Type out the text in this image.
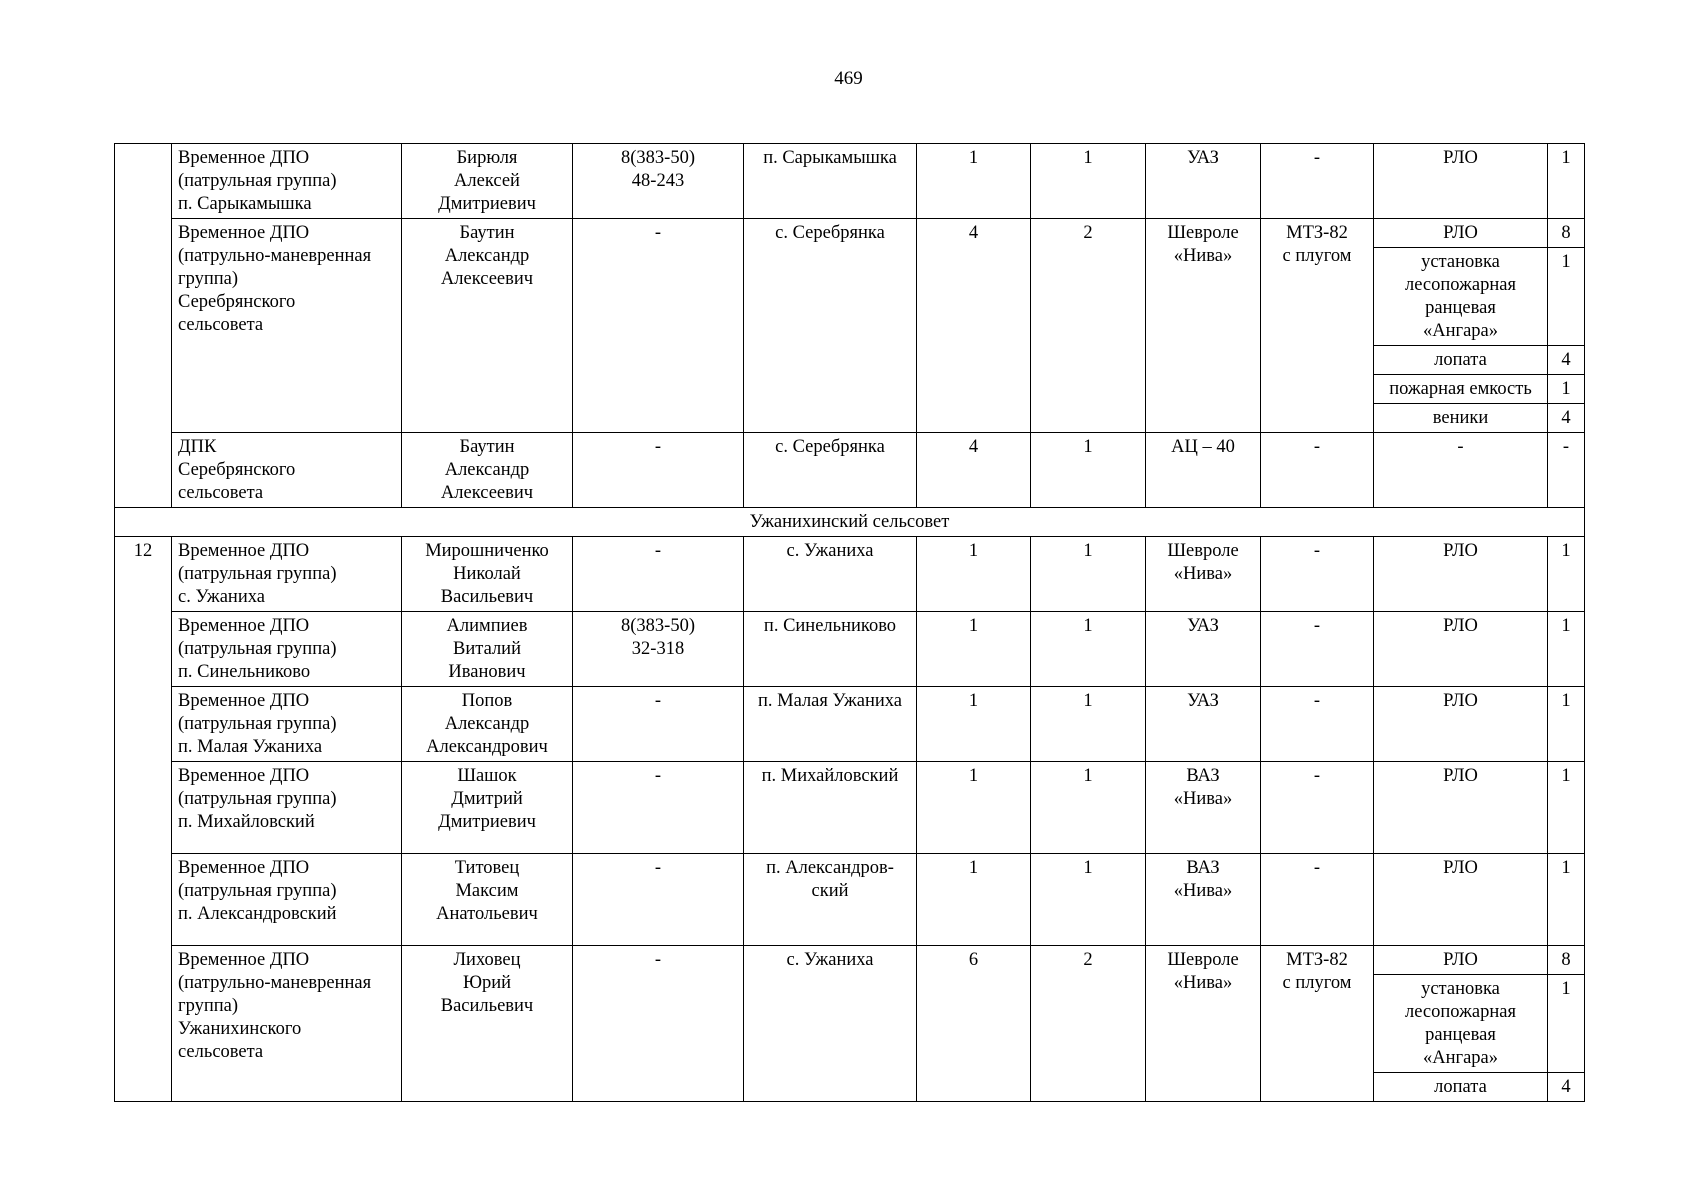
469
	Временное ДПО
(патрульная группа)
п. Сарыкамышка	Бирюля
Алексей
Дмитриевич	8(383-50)
48-243	п. Сарыкамышка	1	1	УАЗ	-	РЛО	1
	Временное ДПО
(патрульно-маневренная
группа)
Серебрянского
сельсовета	Баутин
Александр
Алексеевич	-	с. Серебрянка	4	2	Шевроле
«Нива»	МТЗ-82
с плугом	РЛО	8
									установка
лесопожарная
ранцевая
«Ангара»	1
									лопата	4
									пожарная емкость	1
									веники	4
	ДПК
Серебрянского
сельсовета	Баутин
Александр
Алексеевич	-	с. Серебрянка	4	1	АЦ – 40	-	-	-
Ужанихинский сельсовет										
12	Временное ДПО
(патрульная группа)
с. Ужаниха	Мирошниченко
Николай
Васильевич	-	с. Ужаниха	1	1	Шевроле
«Нива»	-	РЛО	1
	Временное ДПО
(патрульная группа)
п. Синельниково	Алимпиев
Виталий
Иванович	8(383-50)
32-318	п. Синельниково	1	1	УАЗ	-	РЛО	1
	Временное ДПО
(патрульная группа)
п. Малая Ужаниха	Попов
Александр
Александрович	-	п. Малая Ужаниха	1	1	УАЗ	-	РЛО	1
	Временное ДПО
(патрульная группа)
п. Михайловский	Шашок
Дмитрий
Дмитриевич	-	п. Михайловский	1	1	ВАЗ
«Нива»	-	РЛО	1
	Временное ДПО
(патрульная группа)
п. Александровский	Титовец
Максим
Анатольевич	-	п. Александров-
ский	1	1	ВАЗ
«Нива»	-	РЛО	1
	Временное ДПО
(патрульно-маневренная
группа)
Ужанихинского
сельсовета	Лиховец
Юрий
Васильевич	-	с. Ужаниха	6	2	Шевроле
«Нива»	МТЗ-82
с плугом	РЛО	8
									установка
лесопожарная
ранцевая
«Ангара»	1
									лопата	4
